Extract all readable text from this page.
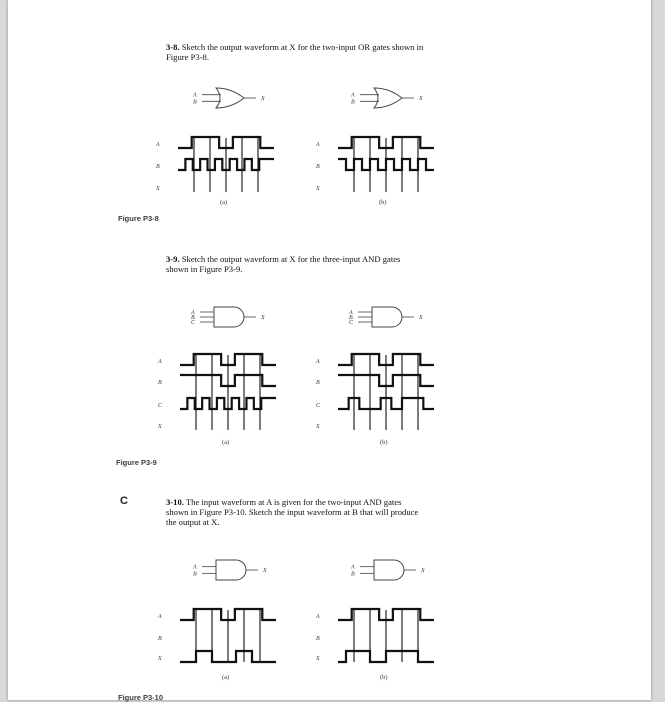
3-8. Sketch the output waveform at X for the two-input OR gates shown in
Figure P3-8.
(a)	(b)
Figure P3-8
3-9. Sketch the output waveform at X for the three-input AND gates
shown in Figure P3-9.
(a)	(b)
Figure P3-9
C	3-10. The input waveform at A is given for the two-input AND gates
shown in Figure P3-10. Sketch the input waveform at B that will produce
the output at X.
(a)	(b)
Figure P3-10
A
B
X
A
B
X
A
B
X
A
B
X
A
B
C
X
A
B
C
X
A
B
C
X
A
B
C
X
A
B
X
A
B
X
A
B
X
A
B
X
